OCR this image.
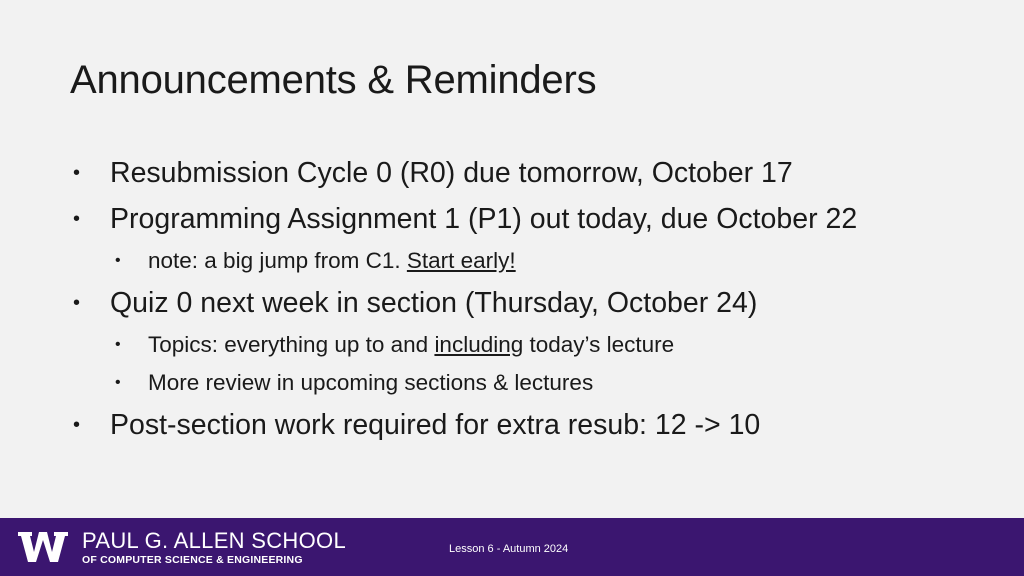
Announcements & Reminders
• Resubmission Cycle 0 (R0) due tomorrow, October 17
• Programming Assignment 1 (P1) out today, due October 22
• note: a big jump from C1. Start early!
• Quiz 0 next week in section (Thursday, October 24)
• Topics: everything up to and including today’s lecture
• More review in upcoming sections & lectures
• Post-section work required for extra resub: 12 -> 10
PAUL G. ALLEN SCHOOL
OF COMPUTER SCIENCE & ENGINEERING
Lesson 6 - Autumn 2024
